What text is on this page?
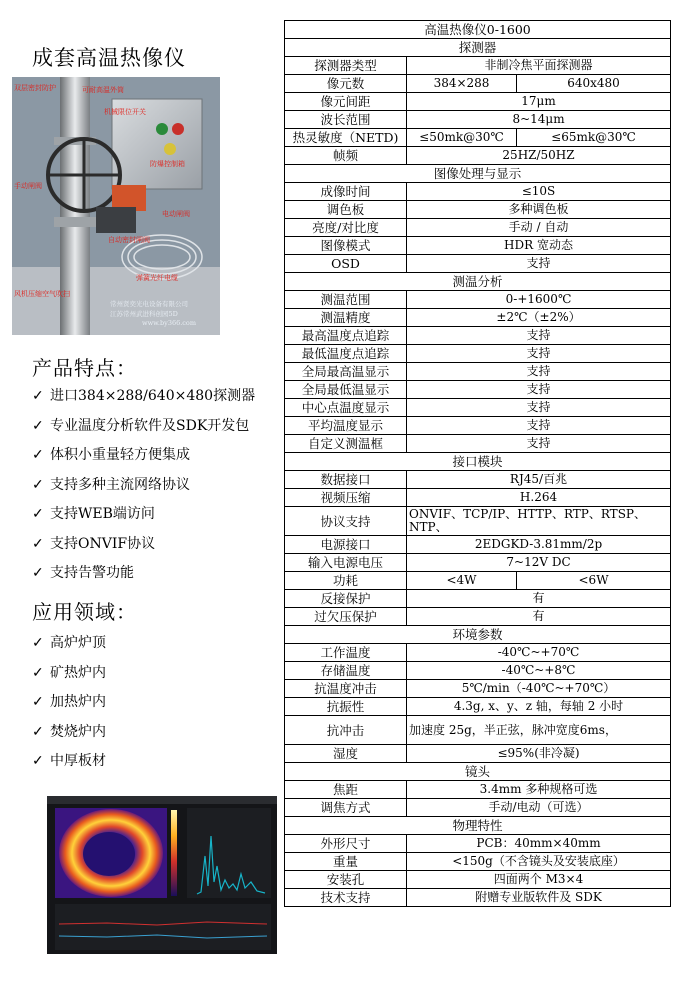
成套高温热像仪
双层密封防护	可耐高温外筒
机械限位开关
防爆控制箱
手动闸阀
电动闸阀
自动密封闸阀
弹簧光纤电缆
风机压缩空气吹扫
常州贤奕光电设备有限公司
江苏常州武进科创园5D
www.by366.com
产品特点：
✓ 进口384×288/640×480探测器
✓ 专业温度分析软件及SDK开发包
✓ 体积小重量轻方便集成
✓ 支持多种主流网络协议
✓ 支持WEB端访问
✓ 支持ONVIF协议
✓ 支持告警功能
应用领域：
✓ 高炉炉顶
✓ 矿热炉内
✓ 加热炉内
✓ 焚烧炉内
✓ 中厚板材
高温热像仪0-1600		
探测器		
探测器类型	非制冷焦平面探测器	
像元数	384×288	640x480
像元间距	17μm	
波长范围	8~14μm	
热灵敏度（NETD)	≤50mk@30℃	≤65mk@30℃
帧频	25HZ/50HZ	
图像处理与显示		
成像时间	≤10S	
调色板	多种调色板	
亮度/对比度	手动 / 自动	
图像模式	HDR 宽动态	
OSD	支持	
测温分析		
测温范围	0-+1600℃	
测温精度	±2℃（±2%）	
最高温度点追踪	支持	
最低温度点追踪	支持	
全局最高温显示	支持	
全局最低温显示	支持	
中心点温度显示	支持	
平均温度显示	支持	
自定义测温框	支持	
接口模块		
数据接口	RJ45/百兆	
视频压缩	H.264	
协议支持	ONVIF、TCP/IP、HTTP、RTP、RTSP、NTP、	
电源接口	2EDGKD-3.81mm/2p	
输入电源电压	7~12V DC	
功耗	<4W	<6W
反接保护	有	
过欠压保护	有	
环境参数		
工作温度	-40℃~+70℃	
存储温度	-40℃~+8℃	
抗温度冲击	5℃/min（-40℃~+70℃）	
抗振性	4.3g, x、y、z 轴，每轴 2 小时	
抗冲击	加速度 25g，半正弦，脉冲宽度6ms，	
湿度	≤95%(非冷凝)	
镜头		
焦距	3.4mm 多种规格可选	
调焦方式	手动/电动（可选）	
物理特性		
外形尺寸	PCB：40mm×40mm	
重量	<150g（不含镜头及安装底座）	
安装孔	四面两个 M3×4	
技术支持	附赠专业版软件及 SDK	
